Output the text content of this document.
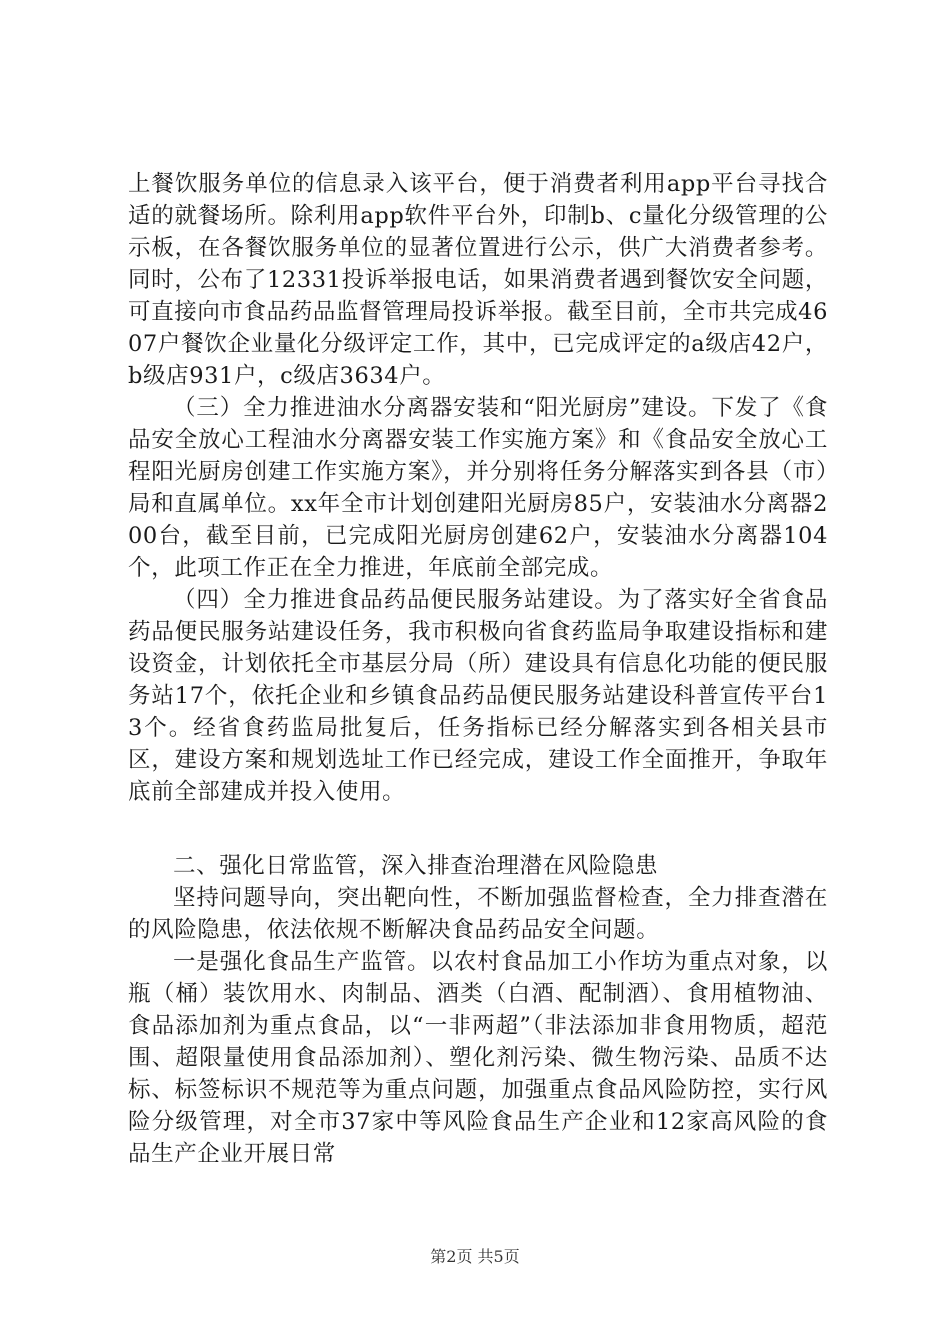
上餐饮服务单位的信息录入该平台，便于消费者利用app平台寻找合适的就餐场所。除利用app软件平台外，印制b、c量化分级管理的公示板，在各餐饮服务单位的显著位置进行公示，供广大消费者参考。同时，公布了12331投诉举报电话，如果消费者遇到餐饮安全问题，可直接向市食品药品监督管理局投诉举报。截至目前，全市共完成4607户餐饮企业量化分级评定工作，其中，已完成评定的a级店42户，b级店931户，c级店3634户。

（三）全力推进油水分离器安装和“阳光厨房”建设。下发了《食品安全放心工程油水分离器安装工作实施方案》和《食品安全放心工程阳光厨房创建工作实施方案》，并分别将任务分解落实到各县（市）局和直属单位。xx年全市计划创建阳光厨房85户，安装油水分离器200台，截至目前，已完成阳光厨房创建62户，安装油水分离器104个，此项工作正在全力推进，年底前全部完成。

（四）全力推进食品药品便民服务站建设。为了落实好全省食品药品便民服务站建设任务，我市积极向省食药监局争取建设指标和建设资金，计划依托全市基层分局（所）建设具有信息化功能的便民服务站17个，依托企业和乡镇食品药品便民服务站建设科普宣传平台13个。经省食药监局批复后，任务指标已经分解落实到各相关县市区，建设方案和规划选址工作已经完成，建设工作全面推开，争取年底前全部建成并投入使用。

二、强化日常监管，深入排查治理潜在风险隐患

坚持问题导向，突出靶向性，不断加强监督检查，全力排查潜在的风险隐患，依法依规不断解决食品药品安全问题。

一是强化食品生产监管。以农村食品加工小作坊为重点对象，以瓶（桶）装饮用水、肉制品、酒类（白酒、配制酒）、食用植物油、食品添加剂为重点食品，以“一非两超”（非法添加非食用物质，超范围、超限量使用食品添加剂）、塑化剂污染、微生物污染、品质不达标、标签标识不规范等为重点问题，加强重点食品风险防控，实行风险分级管理，对全市37家中等风险食品生产企业和12家高风险的食品生产企业开展日常

第2页 共5页
